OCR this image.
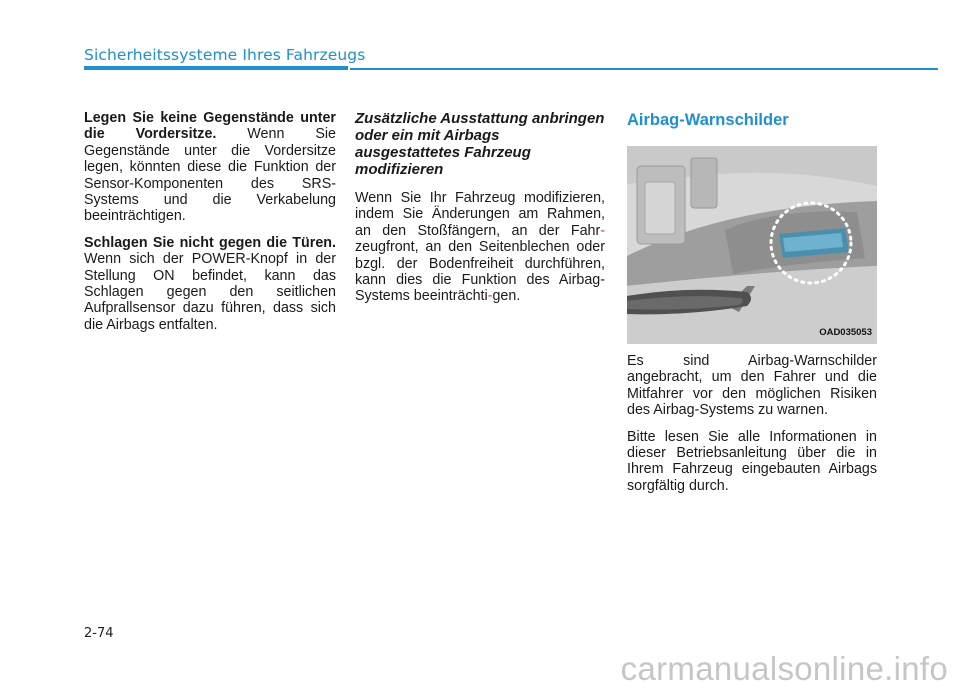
Sicherheitssysteme Ihres Fahrzeugs

Legen Sie keine Gegenstände unter die Vordersitze. Wenn Sie Gegenstände unter die Vordersitze legen, könnten diese die Funktion der Sensor-Komponenten des SRS-Systems und die Verkabelung beeinträchtigen.

Schlagen Sie nicht gegen die Türen. Wenn sich der POWER-Knopf in der Stellung ON befindet, kann das Schlagen gegen den seitlichen Aufprallsensor dazu führen, dass sich die Airbags entfalten.

Zusätzliche Ausstattung anbringen oder ein mit Airbags ausgestattetes Fahrzeug modifizieren

Wenn Sie Ihr Fahrzeug modifizieren, indem Sie Änderungen am Rahmen, an den Stoßfängern, an der Fahr-zeugfront, an den Seitenblechen oder bzgl. der Bodenfreiheit durchführen, kann dies die Funktion des Airbag-Systems beeinträchti-gen.

Airbag-Warnschilder
OAD035053

Es sind Airbag-Warnschilder angebracht, um den Fahrer und die Mitfahrer vor den möglichen Risiken des Airbag-Systems zu warnen.

Bitte lesen Sie alle Informationen in dieser Betriebsanleitung über die in Ihrem Fahrzeug eingebauten Airbags sorgfältig durch.

2-74
carmanualsonline.info
